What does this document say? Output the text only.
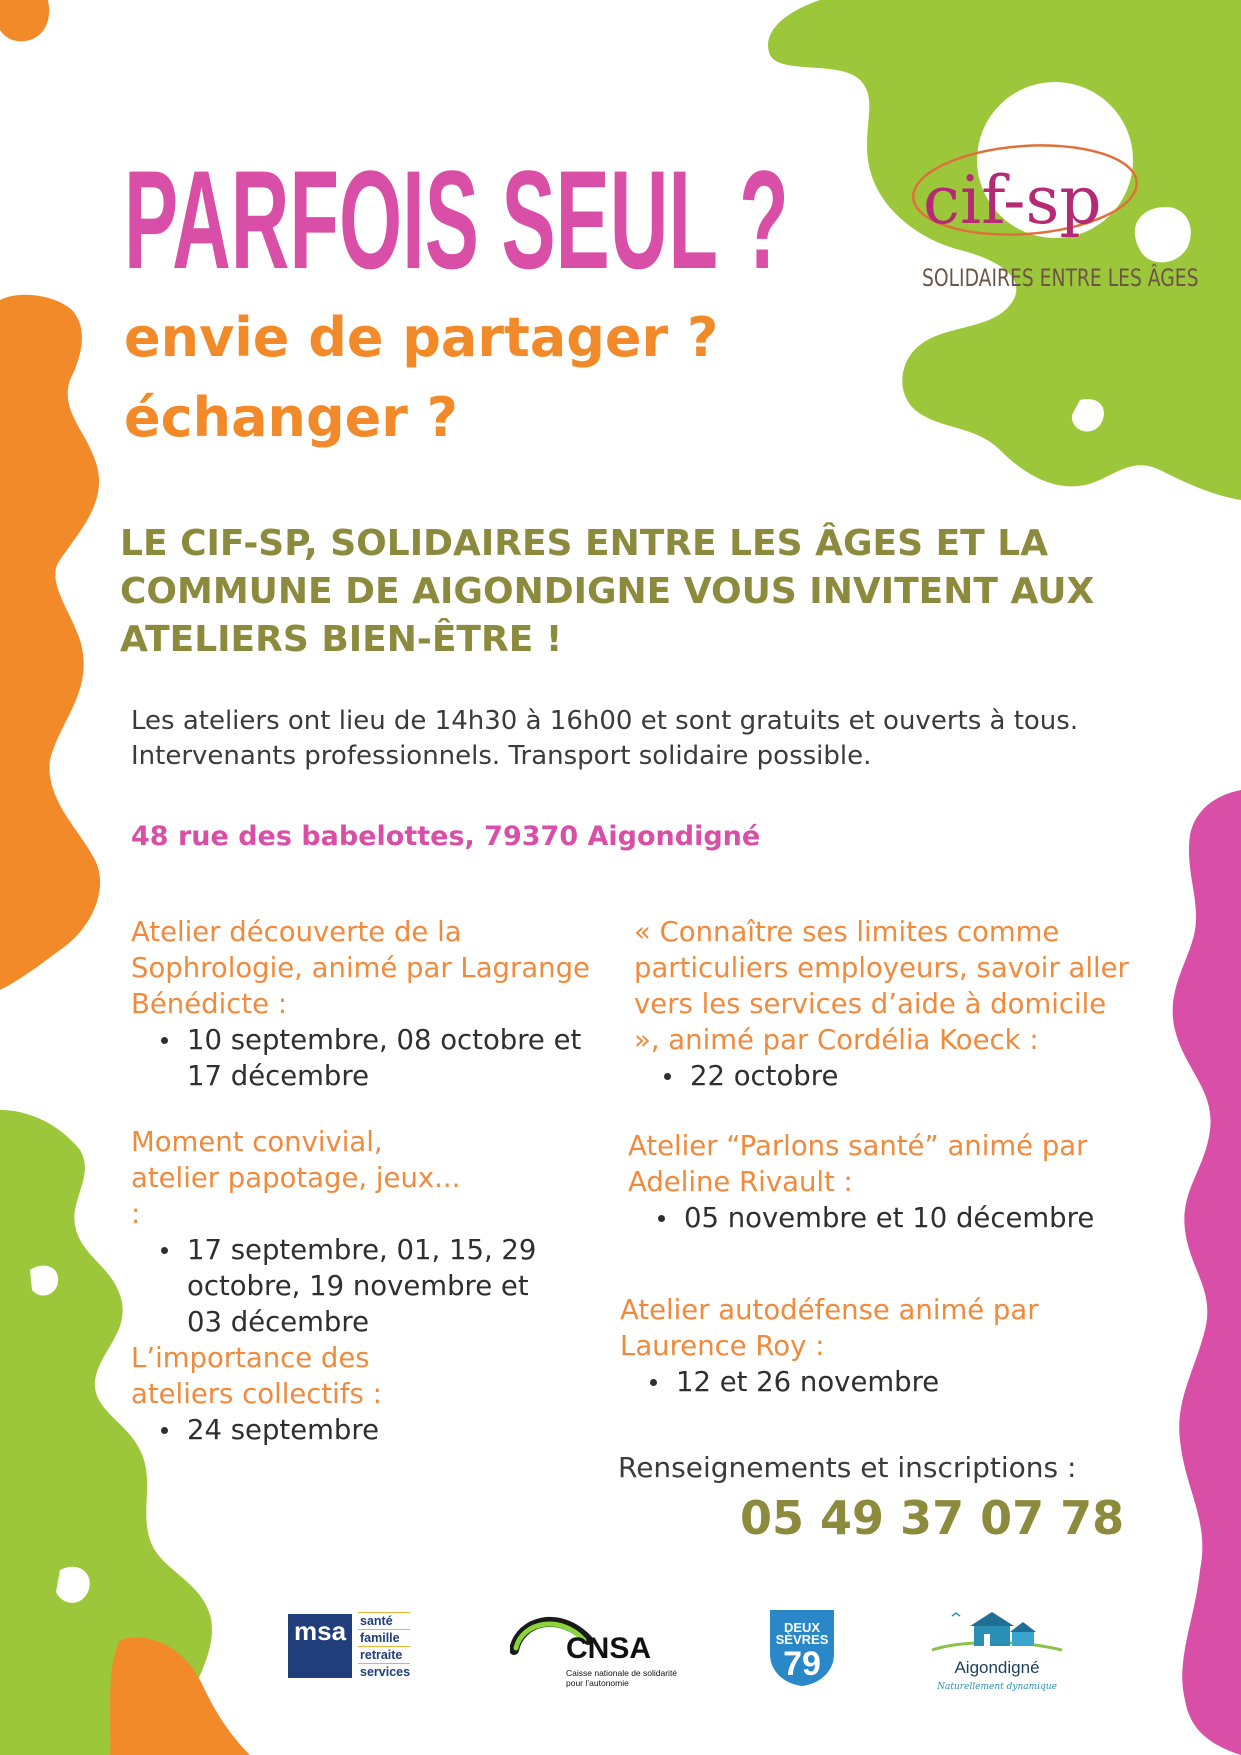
PARFOIS SEUL ?

envie de partager ?

échanger ?

cif-sp

SOLIDAIRES ENTRE LES ÂGES

LE CIF-SP, SOLIDAIRES ENTRE LES ÂGES ET LA COMMUNE DE AIGONDIGNE VOUS INVITENT AUX ATELIERS BIEN-ÊTRE !

Les ateliers ont lieu de 14h30 à 16h00 et sont gratuits et ouverts à tous.
Intervenants professionnels. Transport solidaire possible.

48 rue des babelottes, 79370 Aigondigné

Atelier découverte de la Sophrologie, animé par Lagrange Bénédicte :

10 septembre, 08 octobre et 17 décembre

Moment convivial, atelier papotage, jeux... :

17 septembre, 01, 15, 29 octobre, 19 novembre et 03 décembre

L’importance des ateliers collectifs :

24 septembre

« Connaître ses limites comme particuliers employeurs, savoir aller vers les services d’aide à domicile », animé par Cordélia Koeck :

22 octobre

Atelier “Parlons santé” animé par Adeline Rivault :

05 novembre et 10 décembre

Atelier autodéfense animé par Laurence Roy :

12 et 26 novembre

Renseignements et inscriptions :

05 49 37 07 78

msa santé
famille
retraite
services

CNSA

Caisse nationale de solidarité pour l’autonomie

DEUX SÈVRES

79	Aigondigné

Naturellement dynamique
